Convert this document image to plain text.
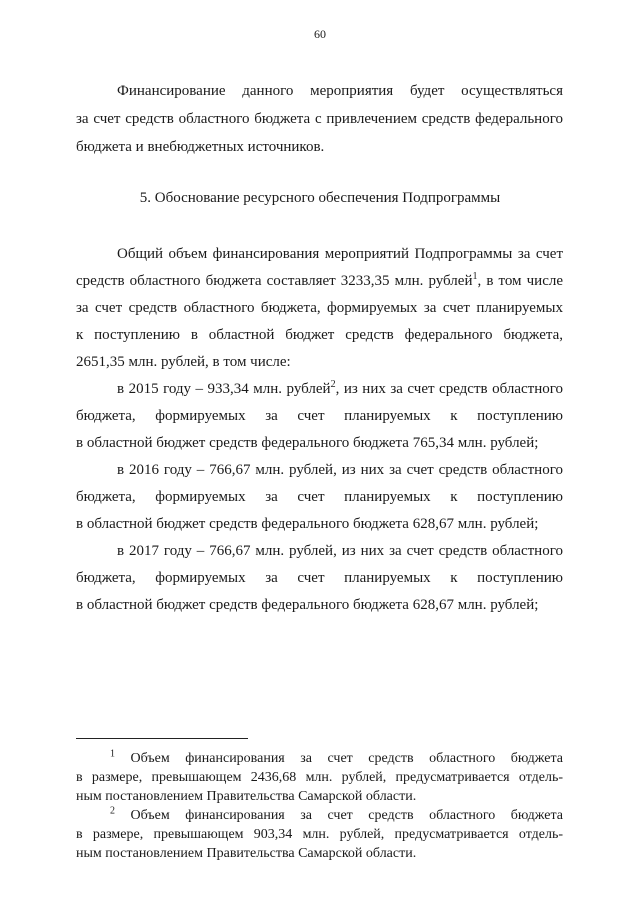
60
Финансирование данного мероприятия будет осуществляться
за счет средств областного бюджета с привлечением средств федерального
бюджета и внебюджетных источников.
5. Обоснование ресурсного обеспечения Подпрограммы
Общий объем финансирования мероприятий Подпрограммы за счет
средств областного бюджета составляет 3233,35 млн. рублей$^1$, в том числе
за счет средств областного бюджета, формируемых за счет планируемых
к поступлению в областной бюджет средств федерального бюджета,
2651,35 млн. рублей, в том числе:
в 2015 году – 933,34 млн. рублей$^2$, из них за счет средств областного
бюджета, формируемых за счет планируемых к поступлению
в областной бюджет средств федерального бюджета 765,34 млн. рублей;
в 2016 году – 766,67 млн. рублей, из них за счет средств областного
бюджета, формируемых за счет планируемых к поступлению
в областной бюджет средств федерального бюджета 628,67 млн. рублей;
в 2017 году – 766,67 млн. рублей, из них за счет средств областного
бюджета, формируемых за счет планируемых к поступлению
в областной бюджет средств федерального бюджета 628,67 млн. рублей;
$^1$ Объем финансирования за счет средств областного бюджета
в размере, превышающем 2436,68 млн. рублей, предусматривается отдель-
ным постановлением Правительства Самарской области.
$^2$ Объем финансирования за счет средств областного бюджета
в размере, превышающем 903,34 млн. рублей, предусматривается отдель-
ным постановлением Правительства Самарской области.
